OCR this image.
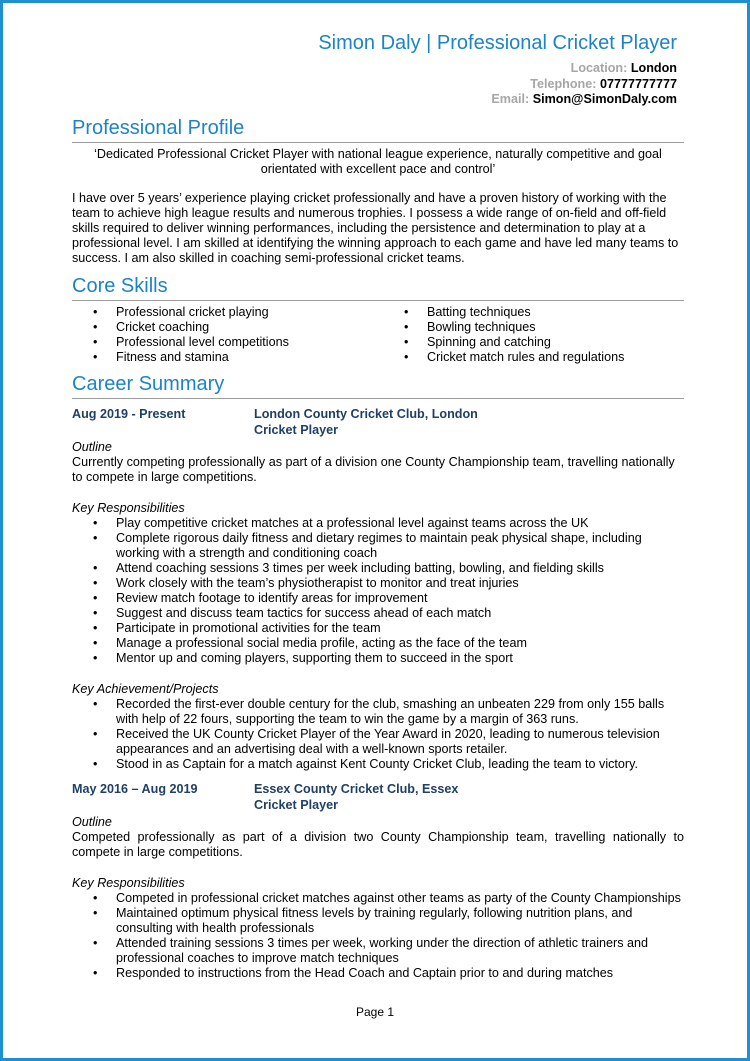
Simon Daly | Professional Cricket Player
Location: London
Telephone: 07777777777
Email: Simon@SimonDaly.com
Professional Profile

‘Dedicated Professional Cricket Player with national league experience, naturally competitive and goal orientated with excellent pace and control’

I have over 5 years’ experience playing cricket professionally and have a proven history of working with the team to achieve high league results and numerous trophies. I possess a wide range of on-field and off-field skills required to deliver winning performances, including the persistence and determination to play at a professional level. I am skilled at identifying the winning approach to each game and have led many teams to success. I am also skilled in coaching semi-professional cricket teams.

Core Skills
• Professional cricket playing
• Cricket coaching
• Professional level competitions
• Fitness and stamina
• Batting techniques
• Bowling techniques
• Spinning and catching
• Cricket match rules and regulations
Career Summary
Aug 2019 - Present	London County Cricket Club, London
Cricket Player
Outline

Currently competing professionally as part of a division one County Championship team, travelling nationally to compete in large competitions.

Key Responsibilities
• Play competitive cricket matches at a professional level against teams across the UK
• Complete rigorous daily fitness and dietary regimes to maintain peak physical shape, including working with a strength and conditioning coach
• Attend coaching sessions 3 times per week including batting, bowling, and fielding skills
• Work closely with the team’s physiotherapist to monitor and treat injuries
• Review match footage to identify areas for improvement
• Suggest and discuss team tactics for success ahead of each match
• Participate in promotional activities for the team
• Manage a professional social media profile, acting as the face of the team
• Mentor up and coming players, supporting them to succeed in the sport
Key Achievement/Projects
• Recorded the first-ever double century for the club, smashing an unbeaten 229 from only 155 balls with help of 22 fours, supporting the team to win the game by a margin of 363 runs.
• Received the UK County Cricket Player of the Year Award in 2020, leading to numerous television appearances and an advertising deal with a well-known sports retailer.
• Stood in as Captain for a match against Kent County Cricket Club, leading the team to victory.
May 2016 – Aug 2019	Essex County Cricket Club, Essex
Cricket Player
Outline

Competed professionally as part of a division two County Championship team, travelling nationally to compete in large competitions.

Key Responsibilities
• Competed in professional cricket matches against other teams as party of the County Championships
• Maintained optimum physical fitness levels by training regularly, following nutrition plans, and consulting with health professionals
• Attended training sessions 3 times per week, working under the direction of athletic trainers and professional coaches to improve match techniques
• Responded to instructions from the Head Coach and Captain prior to and during matches
Page 1
